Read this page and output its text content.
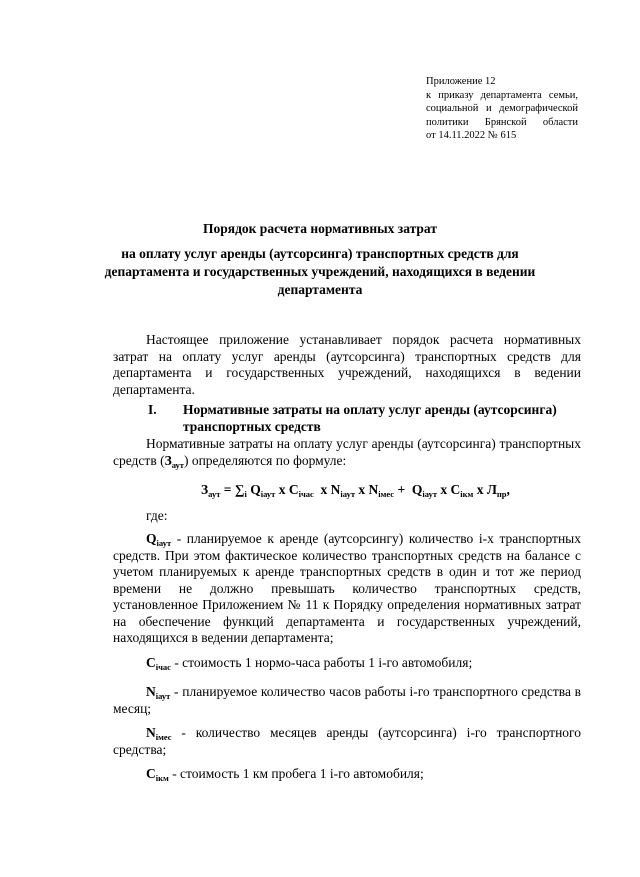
Приложение 12
к приказу департамента семьи,
социальной и демографической
политики Брянской области
от 14.11.2022 № 615
Порядок расчета нормативных затрат
на оплату услуг аренды (аутсорсинга) транспортных средств для департамента и государственных учреждений, находящихся в ведении департамента
Настоящее приложение устанавливает порядок расчета нормативных затрат на оплату услуг аренды (аутсорсинга) транспортных средств для департамента и государственных учреждений, находящихся в ведении департамента.
I. Нормативные затраты на оплату услуг аренды (аутсорсинга) транспортных средств
Нормативные затраты на оплату услуг аренды (аутсорсинга) транспортных средств $(З_{аут})$ определяются по формуле:
$З_{аут} = \sum_i$ $Q_{iаут}$ x $C_{iчас}$  x $N_{iаут}$ x $N_{iмес} + Q_{iаут}$ x $C_{iкм}$ x $Л_{пр}$,
где:
$Q_{iаут}$ - планируемое к аренде (аутсорсингу) количество i-х транспортных средств. При этом фактическое количество транспортных средств на балансе с учетом планируемых к аренде транспортных средств в один и тот же период времени не должно превышать количество транспортных средств, установленное Приложением № 11 к Порядку определения нормативных затрат на обеспечение функций департамента и государственных учреждений, находящихся в ведении департамента;
$C_{iчас}$ - стоимость 1 нормо-часа работы 1 i-го автомобиля;
$N_{iаут}$ - планируемое количество часов работы i-го транспортного средства в месяц;
$N_{iмес}$ - количество месяцев аренды (аутсорсинга) i-го транспортного средства;
$C_{iкм}$ - стоимость 1 км пробега 1 i-го автомобиля;
